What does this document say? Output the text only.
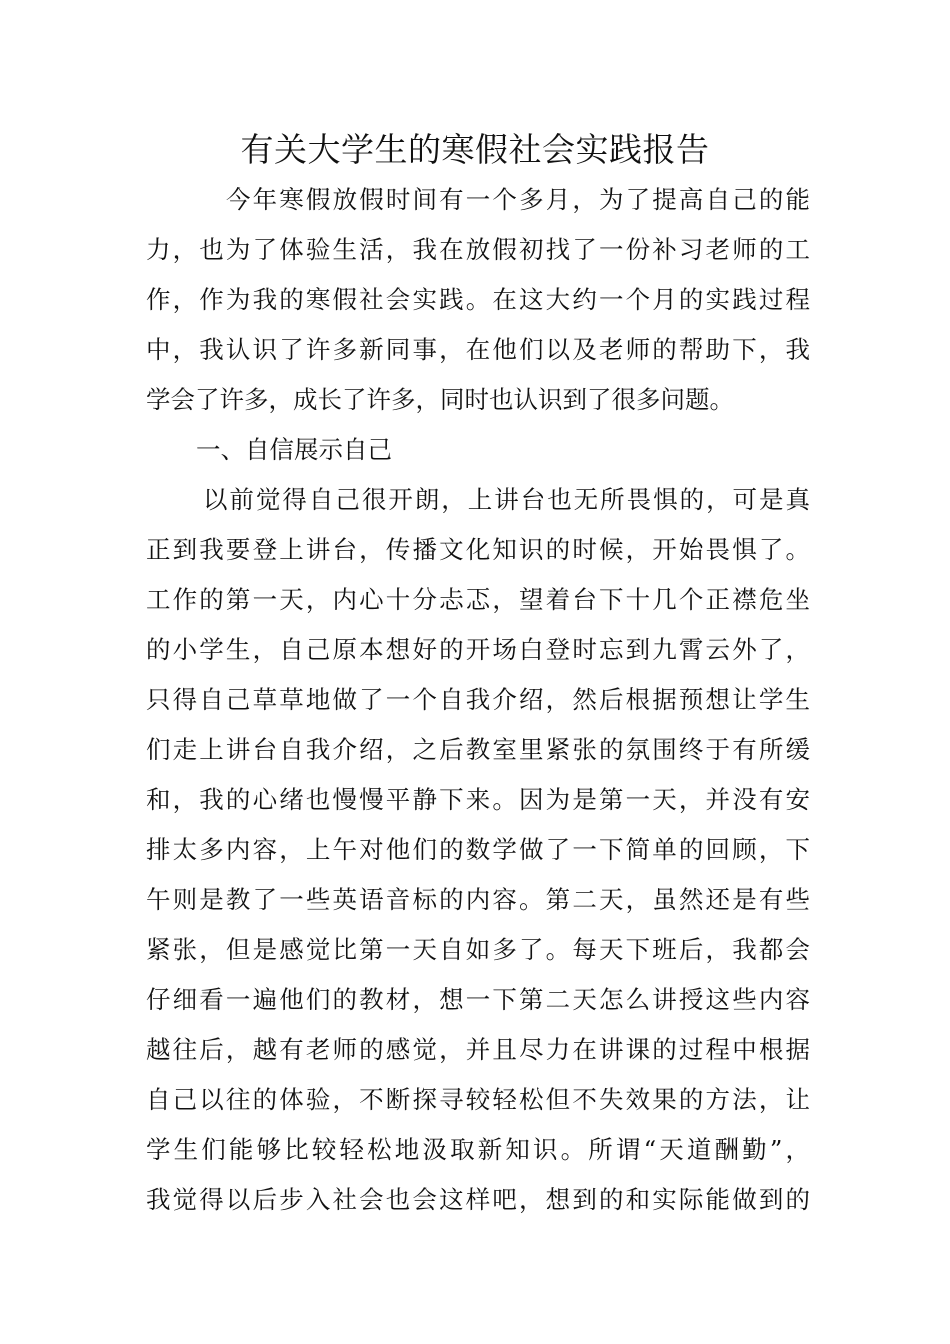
有关大学生的寒假社会实践报告
今年寒假放假时间有一个多月，为了提高自己的能
力，也为了体验生活，我在放假初找了一份补习老师的工
作，作为我的寒假社会实践。在这大约一个月的实践过程
中，我认识了许多新同事，在他们以及老师的帮助下，我
学会了许多，成长了许多，同时也认识到了很多问题。
一、自信展示自己
以前觉得自己很开朗，上讲台也无所畏惧的，可是真
正到我要登上讲台，传播文化知识的时候，开始畏惧了。
工作的第一天，内心十分忐忑，望着台下十几个正襟危坐
的小学生，自己原本想好的开场白登时忘到九霄云外了，
只得自己草草地做了一个自我介绍，然后根据预想让学生
们走上讲台自我介绍，之后教室里紧张的氛围终于有所缓
和，我的心绪也慢慢平静下来。因为是第一天，并没有安
排太多内容，上午对他们的数学做了一下简单的回顾，下
午则是教了一些英语音标的内容。第二天，虽然还是有些
紧张，但是感觉比第一天自如多了。每天下班后，我都会
仔细看一遍他们的教材，想一下第二天怎么讲授这些内容
越往后，越有老师的感觉，并且尽力在讲课的过程中根据
自己以往的体验，不断探寻较轻松但不失效果的方法，让
学生们能够比较轻松地汲取新知识。所谓“天道酬勤”，
我觉得以后步入社会也会这样吧，想到的和实际能做到的
